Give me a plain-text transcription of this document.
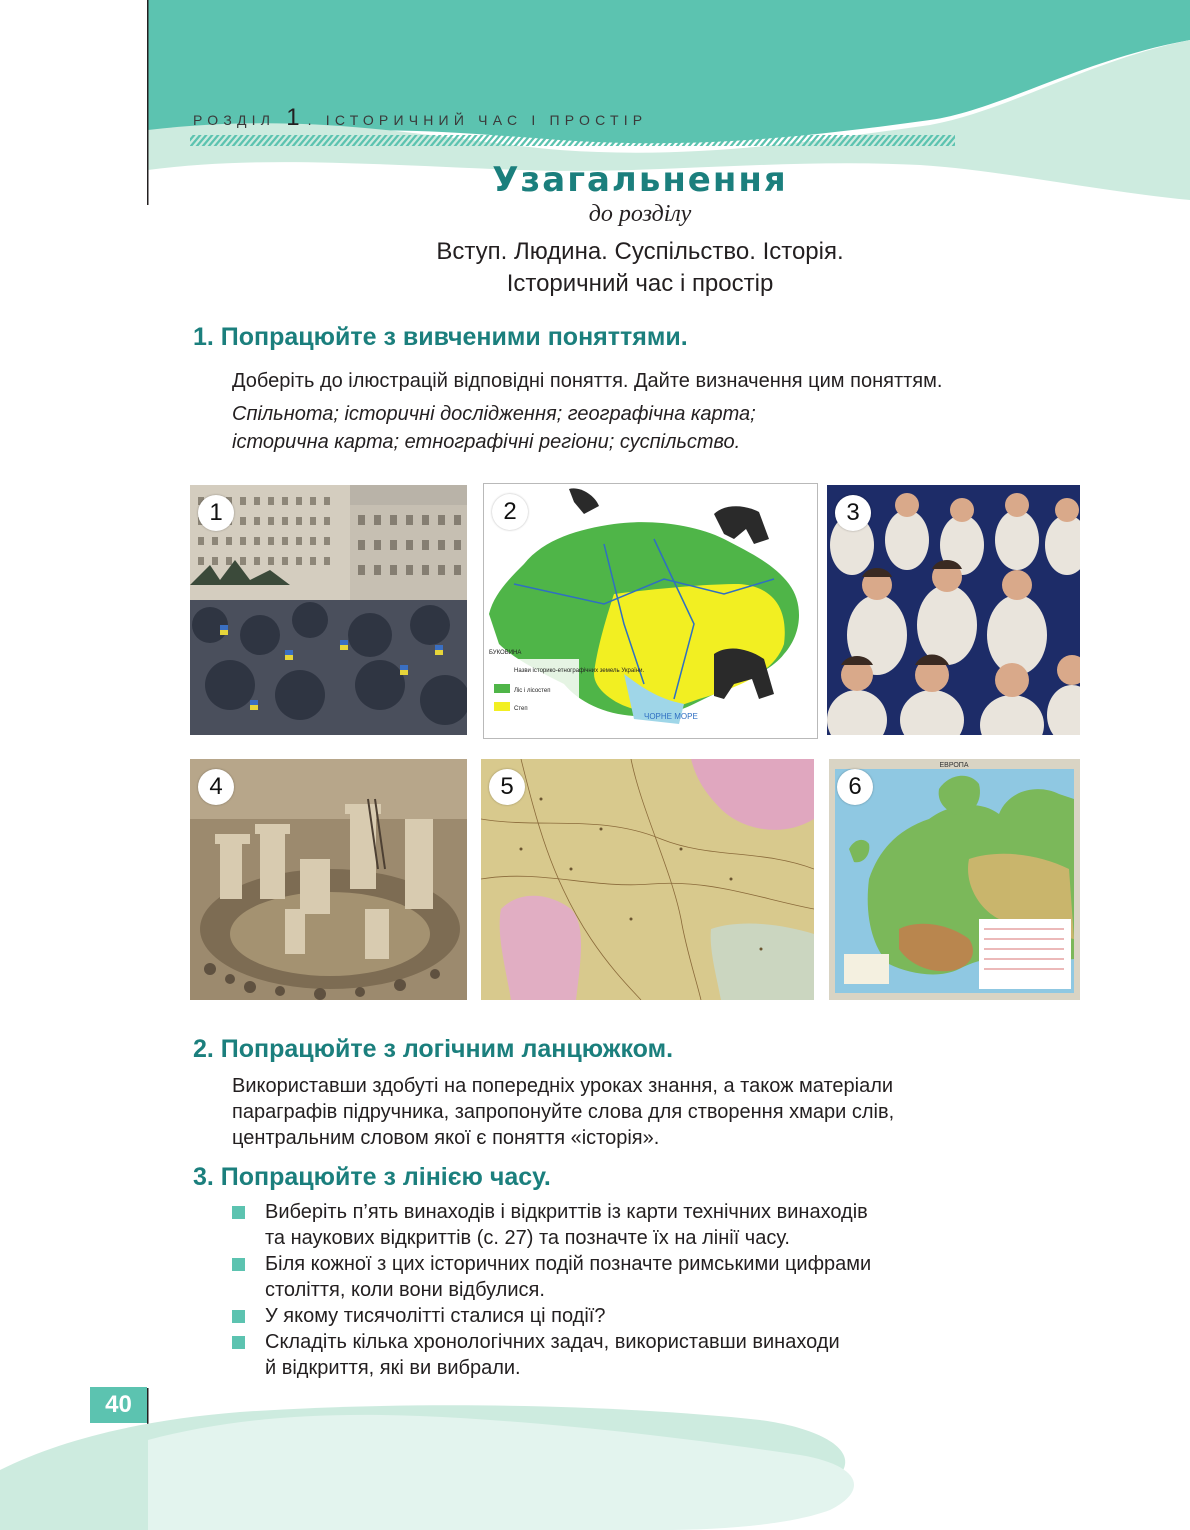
РОЗДІЛ 1 . ІСТОРИЧНИЙ ЧАС І ПРОСТІР
Узагальнення
до розділу
Вступ. Людина. Суспільство. Історія.
Історичний час і простір
1. Попрацюйте з вивченими поняттями.
Доберіть до ілюстрацій відповідні поняття. Дайте визначення цим поняттям.
Спільнота; історичні дослідження; географічна карта;
історична карта; етнографічні регіони; суспільство.
1
Назви історико-етнографічних земель України.
Ліс і лісостеп
Степ
БУКОВИНА
ЧОРНЕ МОРЕ
2	3
4	5
ЕВРОПА
6
2. Попрацюйте з логічним ланцюжком.
Використавши здобуті на попередніх уроках знання, а також матеріали
параграфів підручника, запропонуйте слова для створення хмари слів,
центральним словом якої є поняття «історія».
3. Попрацюйте з лінією часу.
Виберіть п’ять винаходів і відкриттів із карти технічних винаходів
та наукових відкриттів (с. 27) та позначте їх на лінії часу.
Біля кожної з цих історичних подій позначте римськими цифрами
століття, коли вони відбулися.
У якому тисячолітті сталися ці події?
Складіть кілька хронологічних задач, використавши винаходи
й відкриття, які ви вибрали.
40
